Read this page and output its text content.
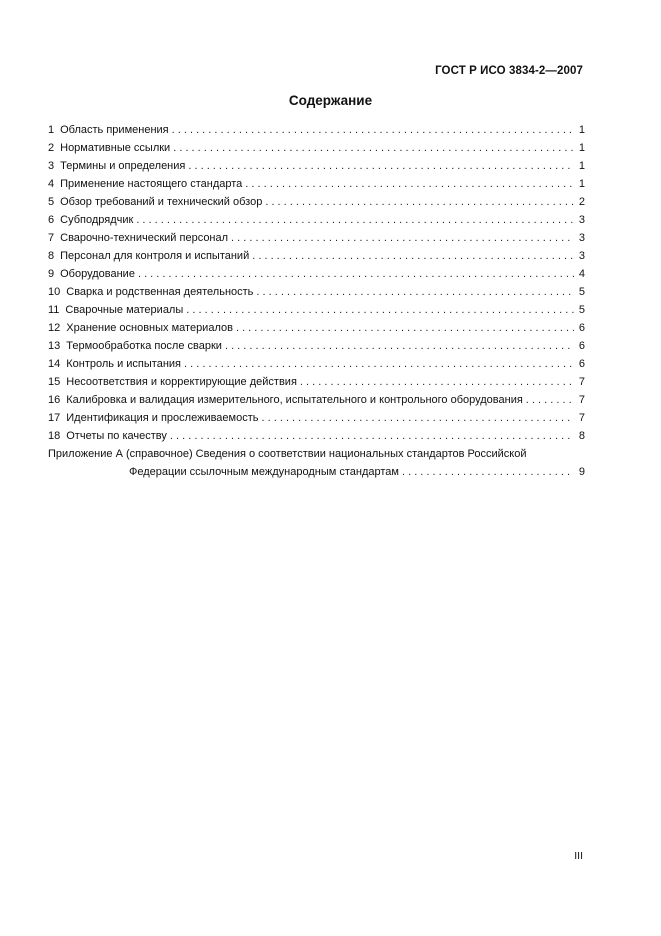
ГОСТ Р ИСО 3834-2—2007
Содержание
1 Область применения . . .	1
2 Нормативные ссылки . . .	1
3 Термины и определения . . .	1
4 Применение настоящего стандарта . . .	1
5 Обзор требований и технический обзор . . .	2
6 Субподрядчик . . .	3
7 Сварочно-технический персонал . . .	3
8 Персонал для контроля и испытаний . . .	3
9 Оборудование . . .	4
10 Сварка и родственная деятельность . . .	5
11 Сварочные материалы . . .	5
12 Хранение основных материалов . . .	6
13 Термообработка после сварки . . .	6
14 Контроль и испытания . . .	6
15 Несоответствия и корректирующие действия . . .	7
16 Калибровка и валидация измерительного, испытательного и контрольного оборудования . . .	7
17 Идентификация и прослеживаемость . . .	7
18 Отчеты по качеству . . .	8
Приложение А (справочное) Сведения о соответствии национальных стандартов Российской
Федерации ссылочным международным стандартам . . .	9
III
